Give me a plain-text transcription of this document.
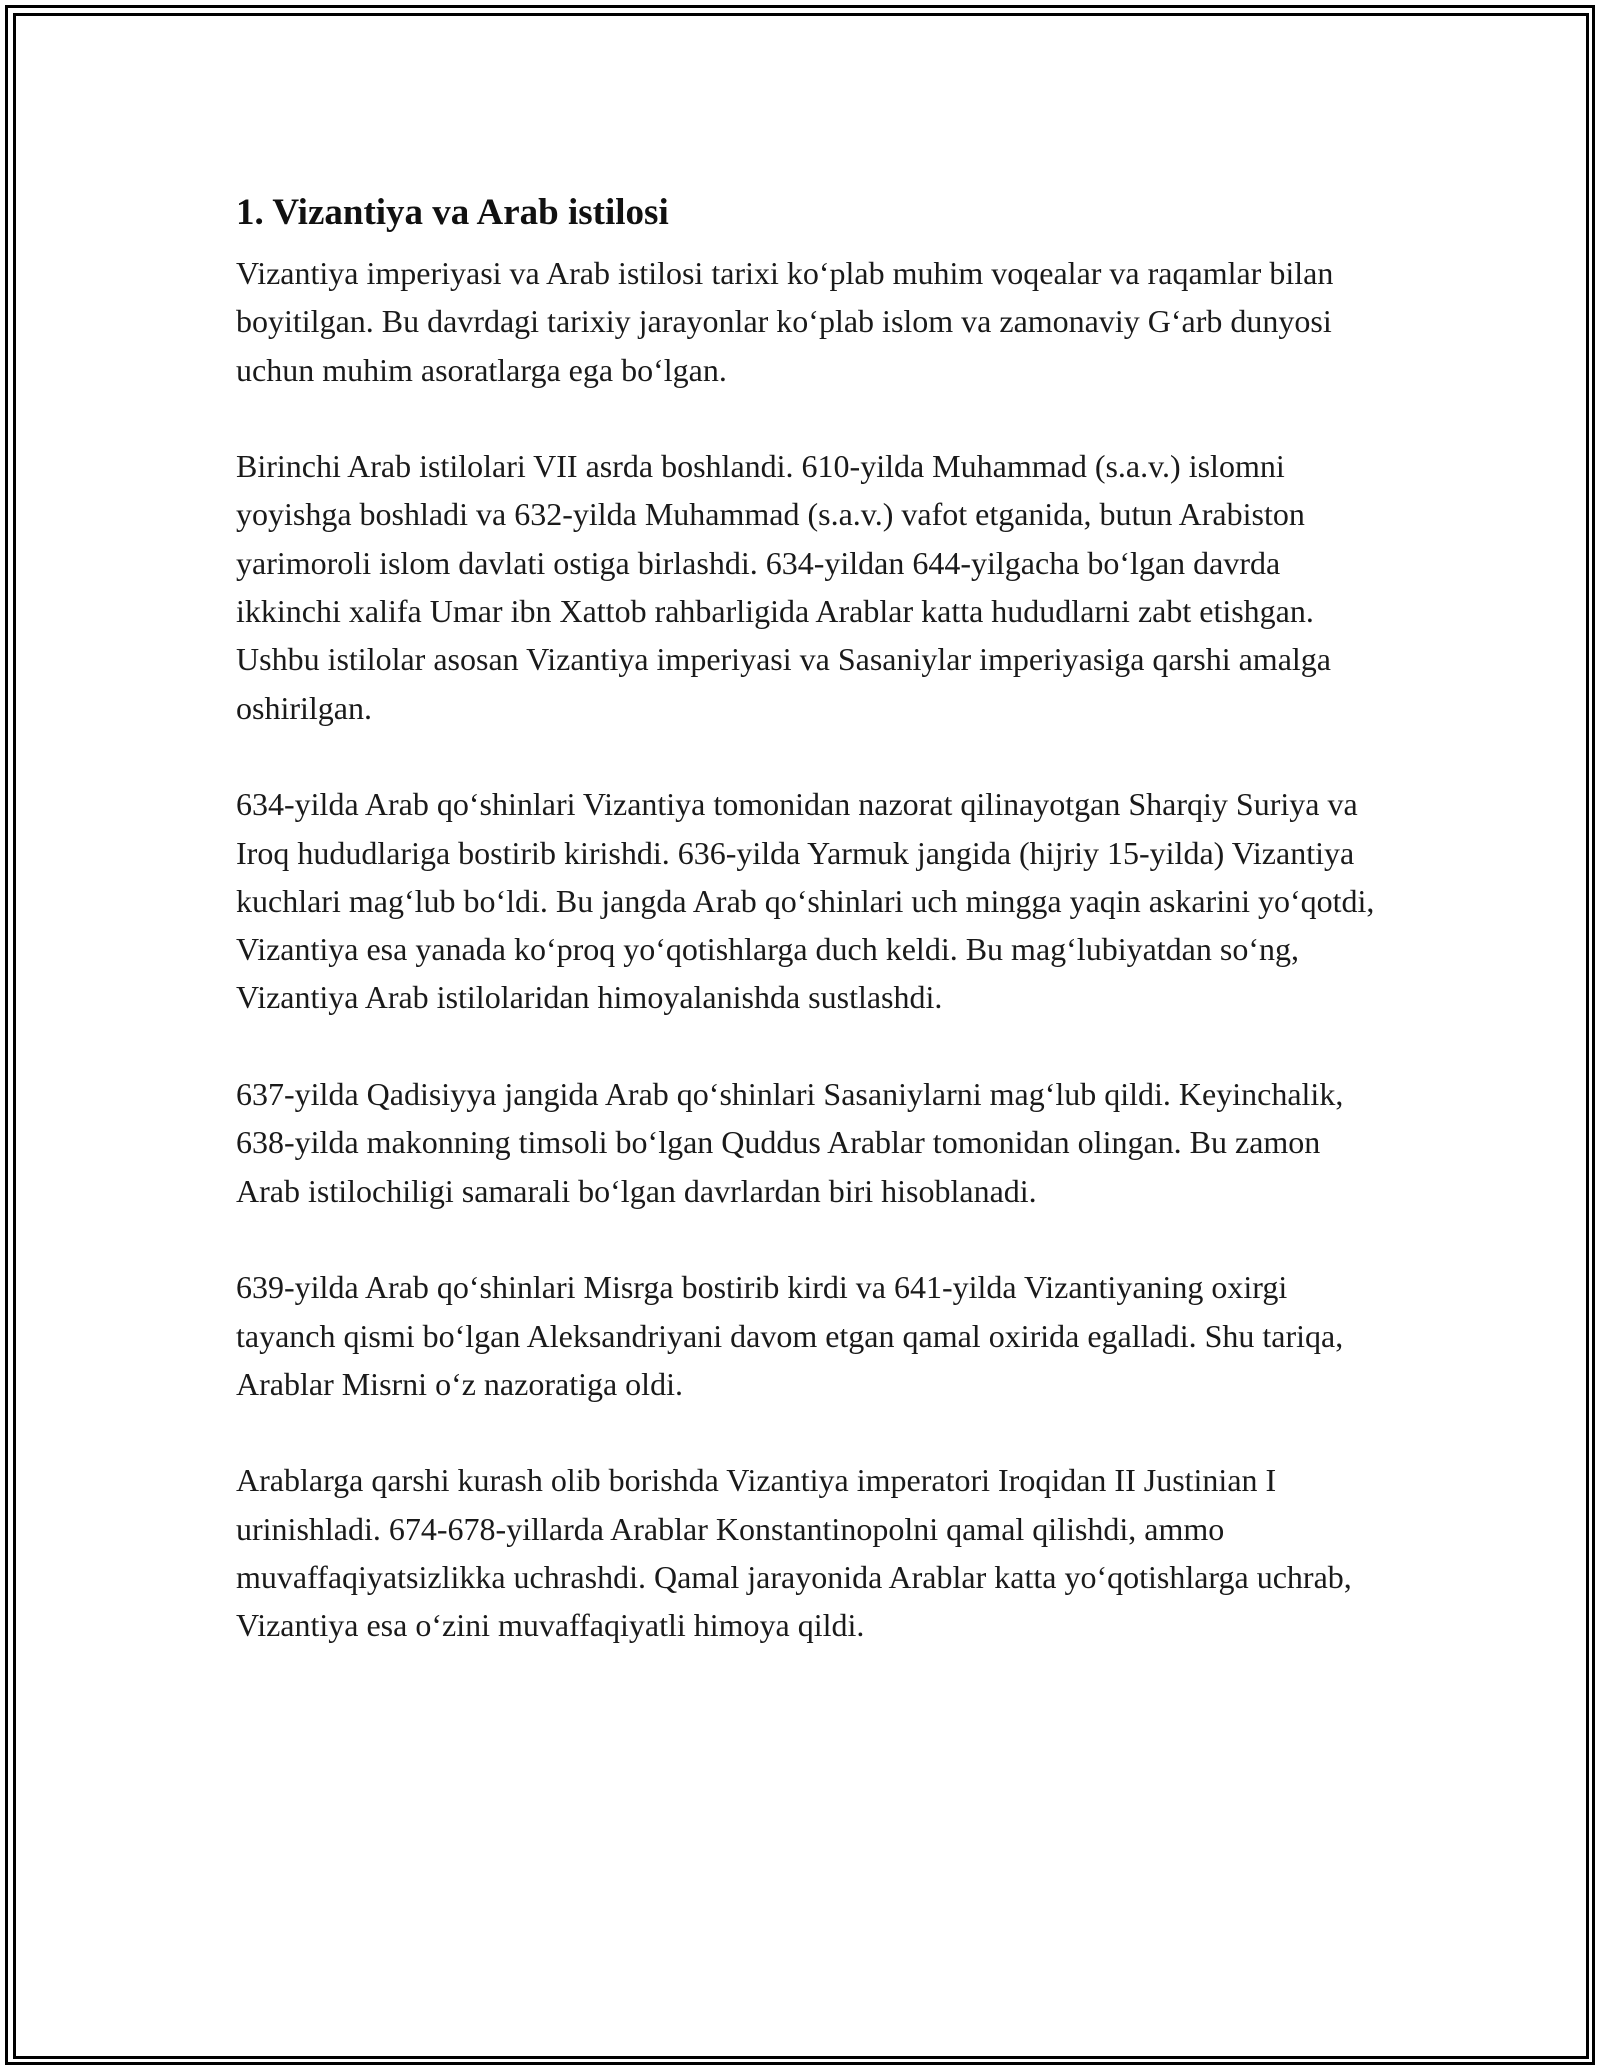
1. Vizantiya va Arab istilosi

Vizantiya imperiyasi va Arab istilosi tarixi ko‘plab muhim voqealar va raqamlar bilan boyitilgan. Bu davrdagi tarixiy jarayonlar ko‘plab islom va zamonaviy G‘arb dunyosi uchun muhim asoratlarga ega bo‘lgan.

Birinchi Arab istilolari VII asrda boshlandi. 610-yilda Muhammad (s.a.v.) islomni yoyishga boshladi va 632-yilda Muhammad (s.a.v.) vafot etganida, butun Arabiston yarimoroli islom davlati ostiga birlashdi. 634-yildan 644-yilgacha bo‘lgan davrda ikkinchi xalifa Umar ibn Xattob rahbarligida Arablar katta hududlarni zabt etishgan. Ushbu istilolar asosan Vizantiya imperiyasi va Sasaniylar imperiyasiga qarshi amalga oshirilgan.

634-yilda Arab qo‘shinlari Vizantiya tomonidan nazorat qilinayotgan Sharqiy Suriya va Iroq hududlariga bostirib kirishdi. 636-yilda Yarmuk jangida (hijriy 15-yilda) Vizantiya kuchlari mag‘lub bo‘ldi. Bu jangda Arab qo‘shinlari uch mingga yaqin askarini yo‘qotdi, Vizantiya esa yanada ko‘proq yo‘qotishlarga duch keldi. Bu mag‘lubiyatdan so‘ng, Vizantiya Arab istilolaridan himoyalanishda sustlashdi.

637-yilda Qadisiyya jangida Arab qo‘shinlari Sasaniylarni mag‘lub qildi. Keyinchalik, 638-yilda makonning timsoli bo‘lgan Quddus Arablar tomonidan olingan. Bu zamon Arab istilochiligi samarali bo‘lgan davrlardan biri hisoblanadi.

639-yilda Arab qo‘shinlari Misrga bostirib kirdi va 641-yilda Vizantiyaning oxirgi tayanch qismi bo‘lgan Aleksandriyani davom etgan qamal oxirida egalladi. Shu tariqa, Arablar Misrni o‘z nazoratiga oldi.

Arablarga qarshi kurash olib borishda Vizantiya imperatori Iroqidan II Justinian I urinishladi. 674-678-yillarda Arablar Konstantinopolni qamal qilishdi, ammo muvaffaqiyatsizlikka uchrashdi. Qamal jarayonida Arablar katta yo‘qotishlarga uchrab, Vizantiya esa o‘zini muvaffaqiyatli himoya qildi.
